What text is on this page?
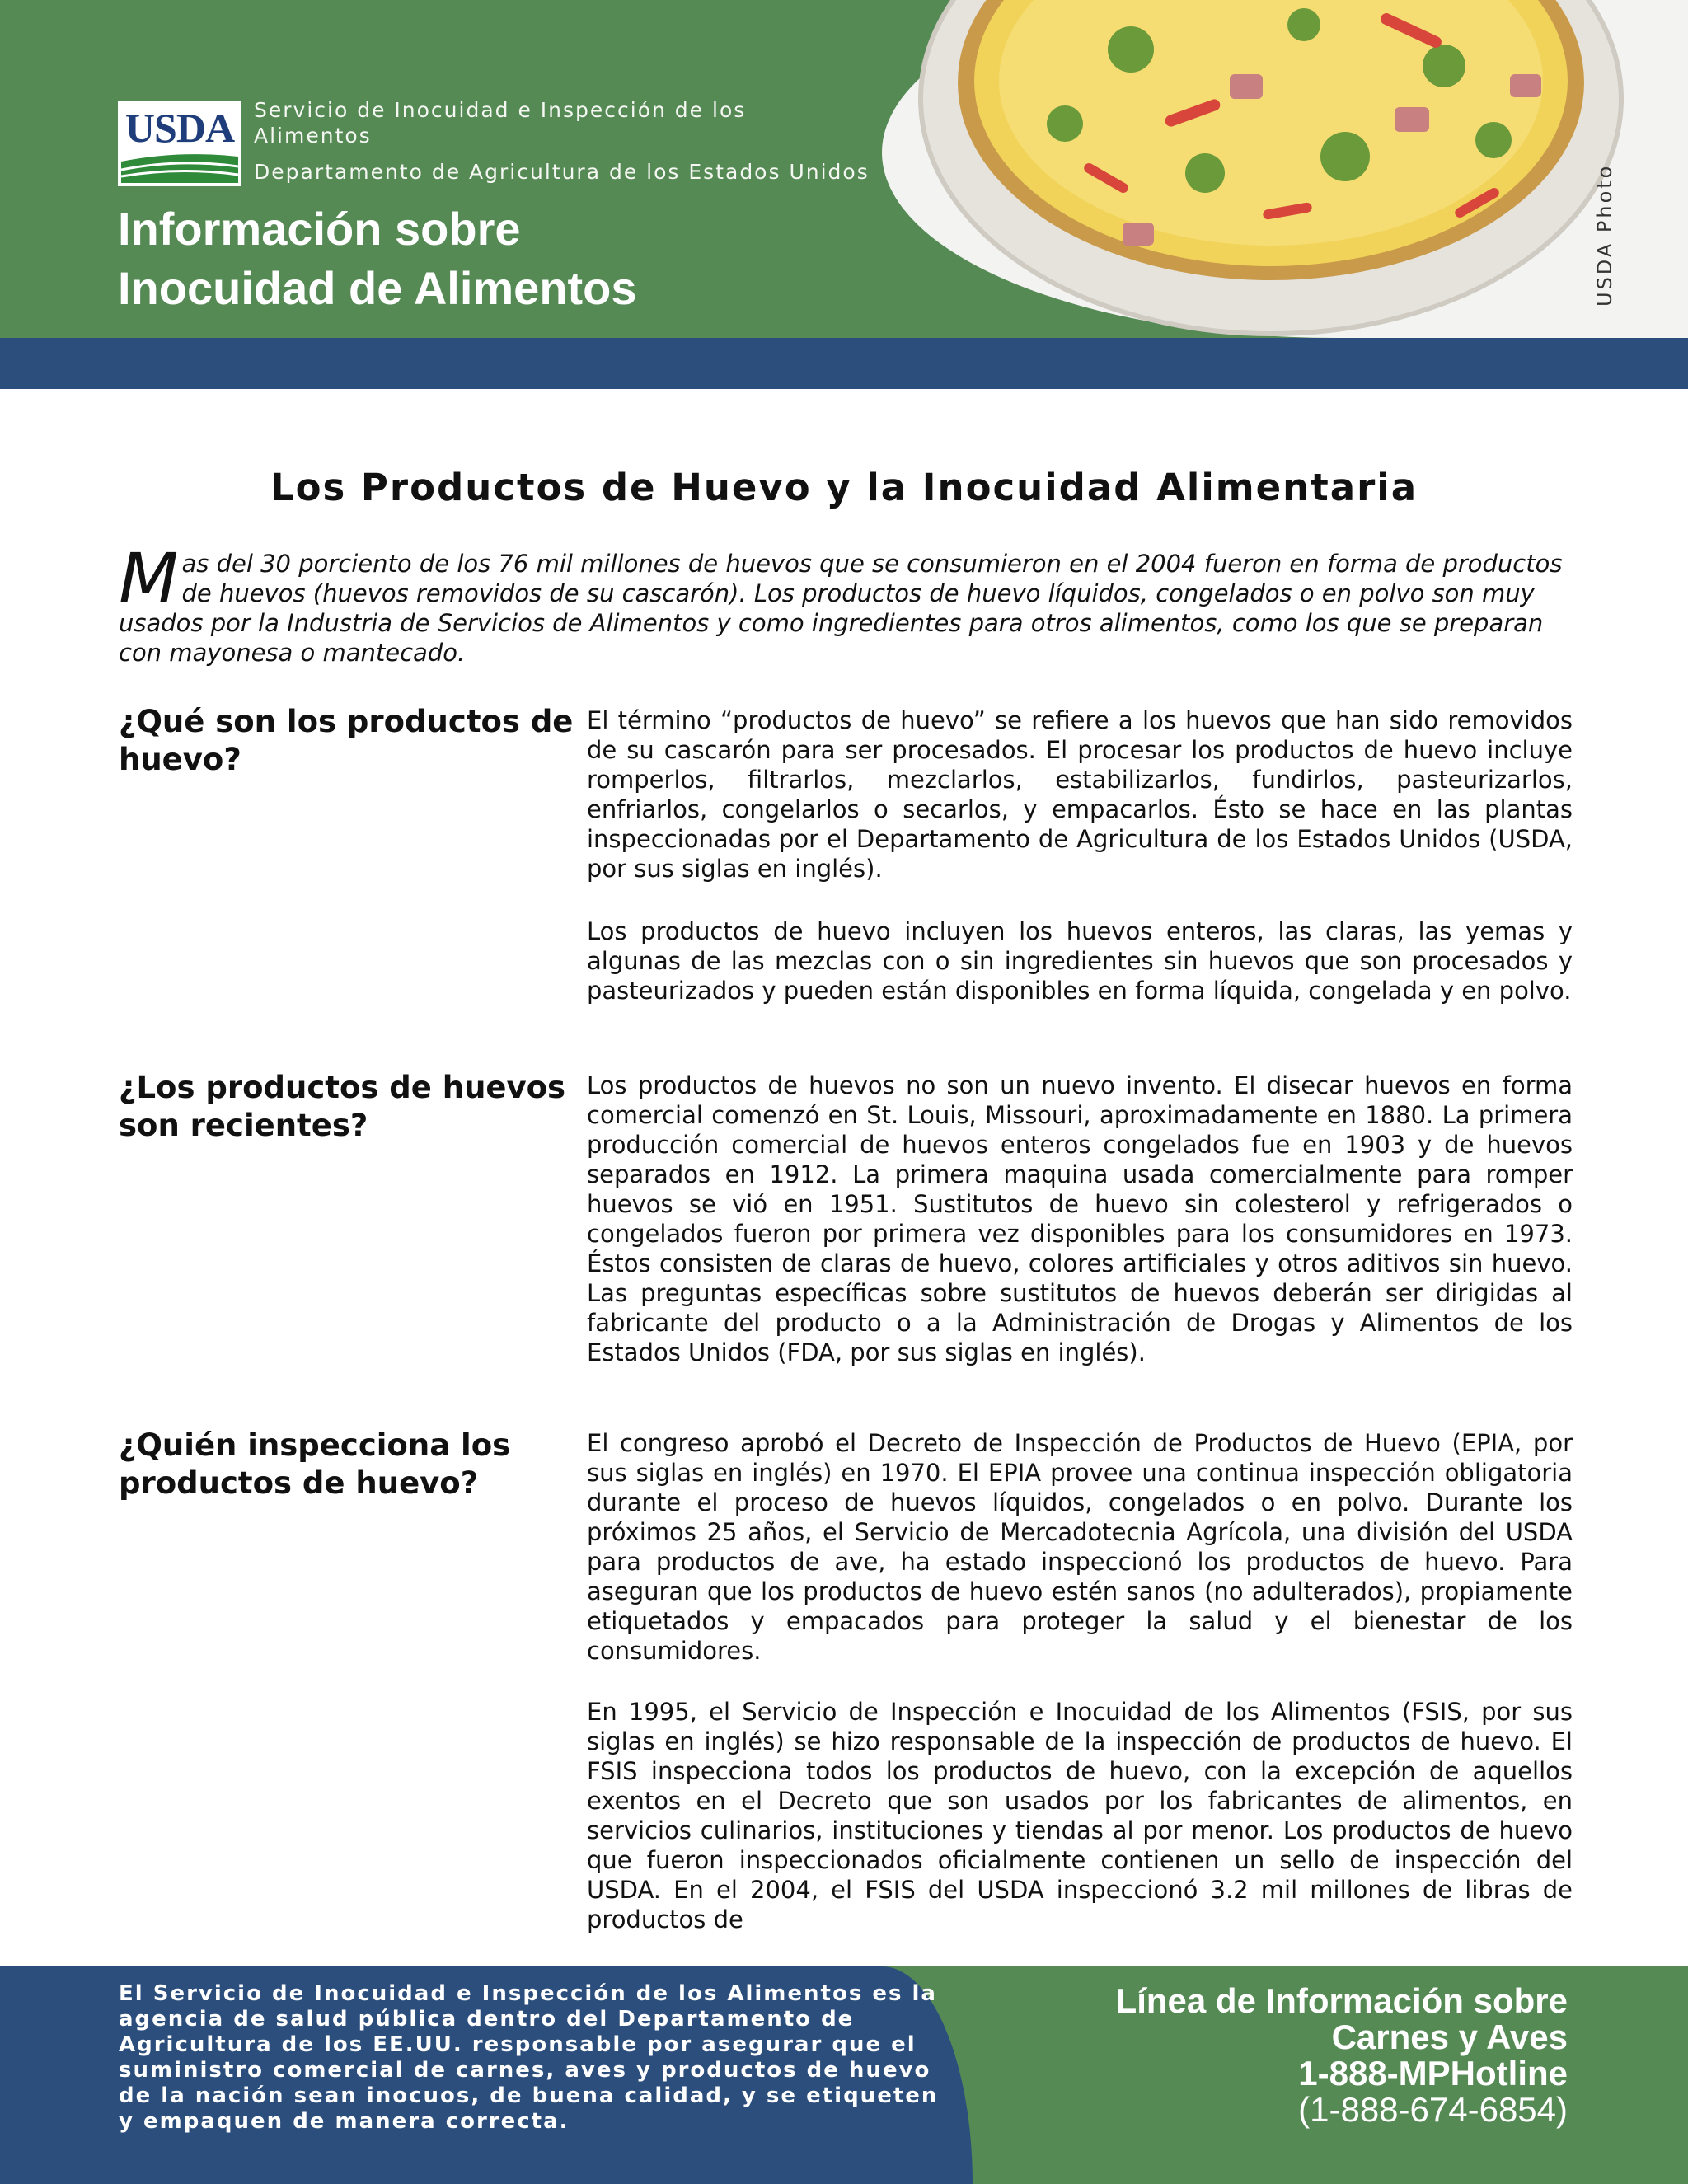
USDA Servicio de Inocuidad e Inspección de los Alimentos
Departamento de Agricultura de los Estados Unidos
Información sobre
Inocuidad de Alimentos	USDA Photo
Los Productos de Huevo y la Inocuidad Alimentaria
Mas del 30 porciento de los 76 mil millones de huevos que se consumieron en el 2004 fueron en forma de productos de huevos (huevos removidos de su cascarón). Los productos de huevo líquidos, congelados o en polvo son muy usados por la Industria de Servicios de Alimentos y como ingredientes para otros alimentos, como los que se preparan con mayonesa o mantecado.
¿Qué son los productos de huevo?
El término “productos de huevo” se refiere a los huevos que han sido removidos de su cascarón para ser procesados. El procesar los productos de huevo incluye romperlos, filtrarlos, mezclarlos, estabilizarlos, fundirlos, pasteurizarlos, enfriarlos, congelarlos o secarlos, y empacarlos. Ésto se hace en las plantas inspeccionadas por el Departamento de Agricultura de los Estados Unidos (USDA, por sus siglas en inglés).
Los productos de huevo incluyen los huevos enteros, las claras, las yemas y algunas de las mezclas con o sin ingredientes sin huevos que son procesados y pasteurizados y pueden están disponibles en forma líquida, congelada y en polvo.
¿Los productos de huevos son recientes?
Los productos de huevos no son un nuevo invento. El disecar huevos en forma comercial comenzó en St. Louis, Missouri, aproximadamente en 1880. La primera producción comercial de huevos enteros congelados fue en 1903 y de huevos separados en 1912. La primera maquina usada comercialmente para romper huevos se vió en 1951. Sustitutos de huevo sin colesterol y refrigerados o congelados fueron por primera vez disponibles para los consumidores en 1973. Éstos consisten de claras de huevo, colores artificiales y otros aditivos sin huevo. Las preguntas específicas sobre sustitutos de huevos deberán ser dirigidas al fabricante del producto o a la Administración de Drogas y Alimentos de los Estados Unidos (FDA, por sus siglas en inglés).
¿Quién inspecciona los productos de huevo?
El congreso aprobó el Decreto de Inspección de Productos de Huevo (EPIA, por sus siglas en inglés) en 1970. El EPIA provee una continua inspección obligatoria durante el proceso de huevos líquidos, congelados o en polvo. Durante los próximos 25 años, el Servicio de Mercadotecnia Agrícola, una división del USDA para productos de ave, ha estado inspeccionó los productos de huevo. Para aseguran que los productos de huevo estén sanos (no adulterados), propiamente etiquetados y empacados para proteger la salud y el bienestar de los consumidores.
En 1995, el Servicio de Inspección e Inocuidad de los Alimentos (FSIS, por sus siglas en inglés) se hizo responsable de la inspección de productos de huevo. El FSIS inspecciona todos los productos de huevo, con la excepción de aquellos exentos en el Decreto que son usados por los fabricantes de alimentos, en servicios culinarios, instituciones y tiendas al por menor. Los productos de huevo que fueron inspeccionados oficialmente contienen un sello de inspección del USDA. En el 2004, el FSIS del USDA inspeccionó 3.2 mil millones de libras de productos de
El Servicio de Inocuidad e Inspección de los Alimentos es la agencia de salud pública dentro del Departamento de Agricultura de los EE.UU. responsable por asegurar que el suministro comercial de carnes, aves y productos de huevo de la nación sean inocuos, de buena calidad, y se etiqueten y empaquen de manera correcta.
Línea de Información sobre
Carnes y Aves
1-888-MPHotline
(1-888-674-6854)
